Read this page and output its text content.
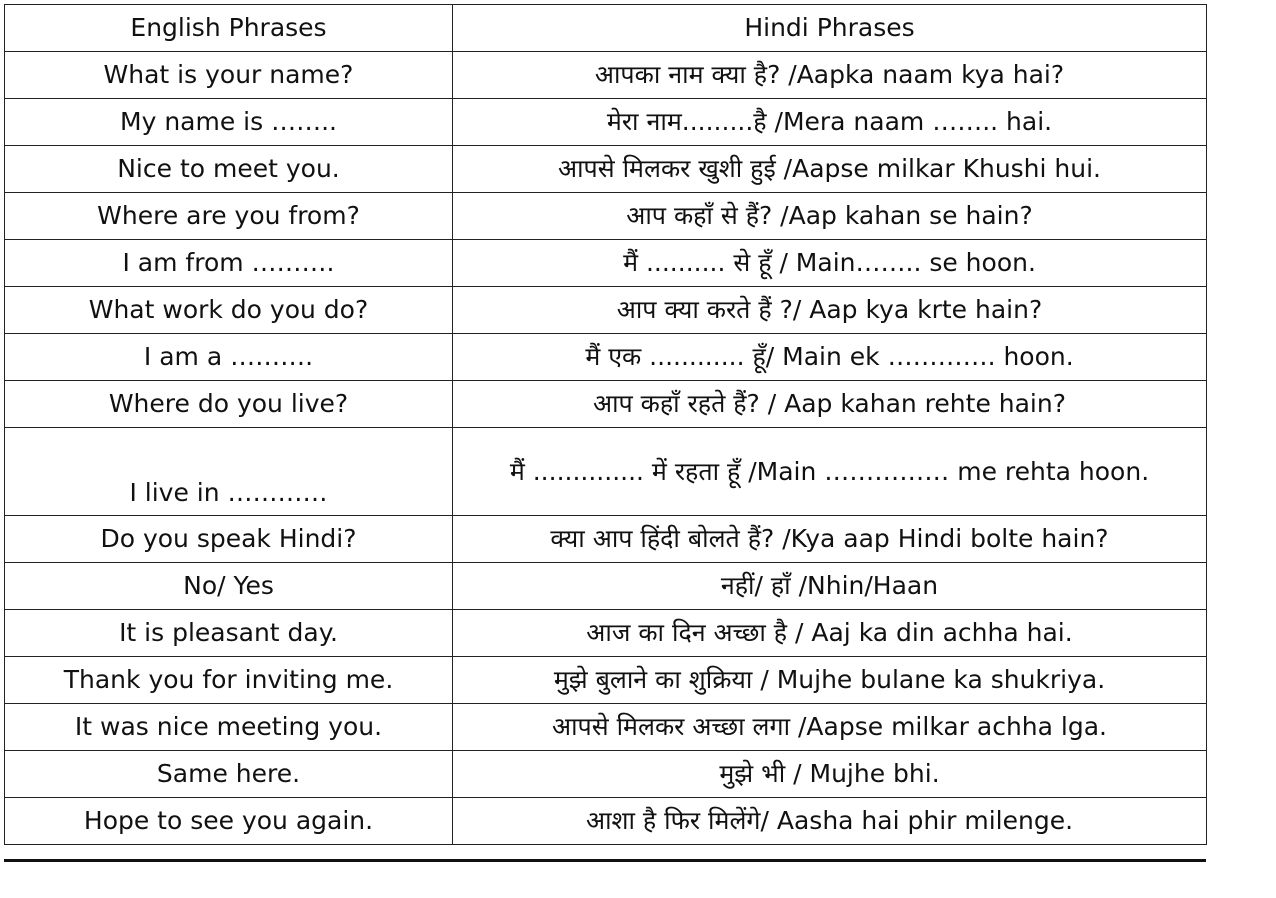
English Phrases	Hindi Phrases
What is your name?	आपका नाम क्या है? /Aapka naam kya hai?
My name is ……..	मेरा नाम.........है /Mera naam …….. hai.
Nice to meet you.	आपसे मिलकर खुशी हुई /Aapse milkar Khushi hui.
Where are you from?	आप कहाँ से हैं? /Aap kahan se hain?
I am from ……….	मैं .......... से हूँ / Main…….. se hoon.
What work do you do?	आप क्या करते हैं ?/ Aap kya krte hain?
I am a ……….	मैं एक ............ हूँ/ Main ek …………. hoon.
Where do you live?	आप कहाँ रहते हैं? / Aap kahan rehte hain?
I live in …………	मैं .............. में रहता हूँ /Main …………… me rehta hoon.
Do you speak Hindi?	क्या आप हिंदी बोलते हैं? /Kya aap Hindi bolte hain?
No/ Yes	नहीं/ हाँ /Nhin/Haan
It is pleasant day.	आज का दिन अच्छा है / Aaj ka din achha hai.
Thank you for inviting me.	मुझे बुलाने का शुक्रिया / Mujhe bulane ka shukriya.
It was nice meeting you.	आपसे मिलकर अच्छा लगा /Aapse milkar achha lga.
Same here.	मुझे भी / Mujhe bhi.
Hope to see you again.	आशा है फिर मिलेंगे/ Aasha hai phir milenge.
